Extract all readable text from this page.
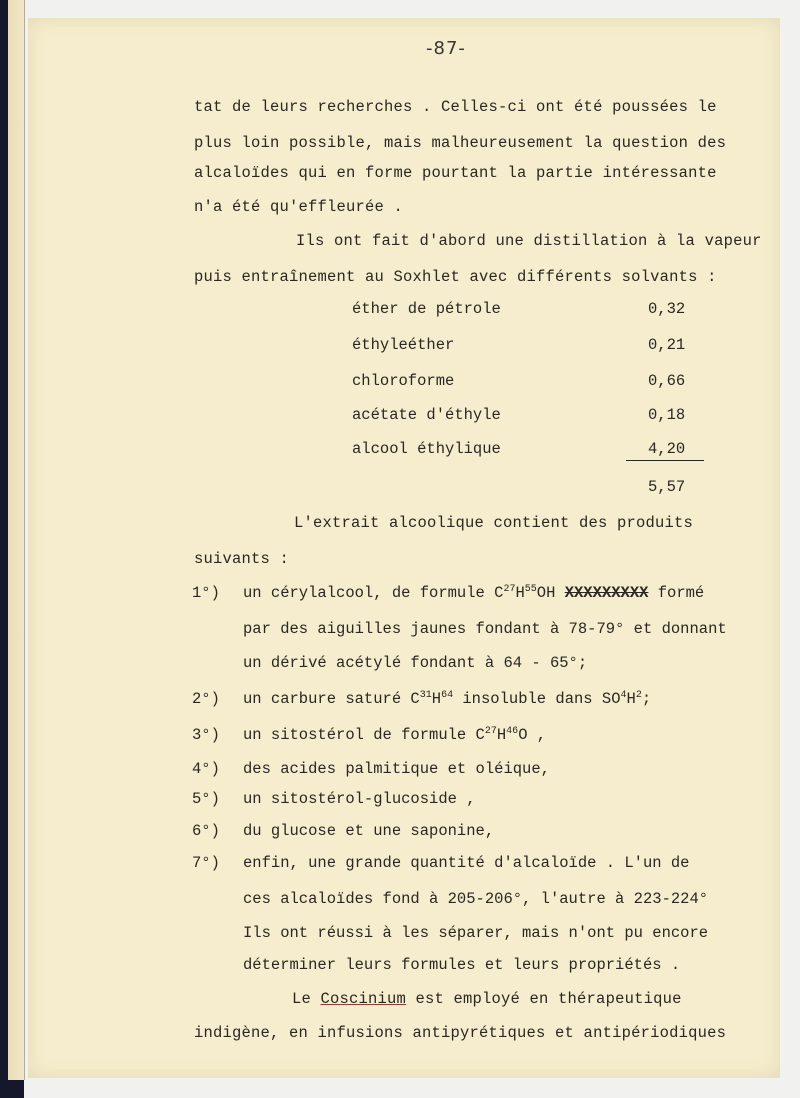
-87-
tat de leurs recherches . Celles-ci ont été poussées le
plus loin possible, mais malheureusement la question des
alcaloïdes qui en forme pourtant la partie intéressante
n'a été qu'effleurée .
Ils ont fait d'abord une distillation à la vapeur
puis entraînement au Soxhlet avec différents solvants :
éther de pétrole	0,32
éthyleéther	0,21
chloroforme	0,66
acétate d'éthyle	0,18
alcool éthylique	4,20
5,57
L'extrait alcoolique contient des produits
suivants :
1°) un cérylalcool, de formule $C^{27}H^{55}OH$ XXXXXXXXX formé
par des aiguilles jaunes fondant à 78-79° et donnant
un dérivé acétylé fondant à 64 - 65°;
2°) un carbure saturé $C^{31}H^{64}$ insoluble dans $SO^4H^2$;
3°) un sitostérol de formule $C^{27}H^{46}O$ ,
4°) des acides palmitique et oléique,
5°) un sitostérol-glucoside ,
6°) du glucose et une saponine,
7°) enfin, une grande quantité d'alcaloïde . L'un de
ces alcaloïdes fond à 205-206°, l'autre à 223-224°
Ils ont réussi à les séparer, mais n'ont pu encore
déterminer leurs formules et leurs propriétés .
Le Coscinium est employé en thérapeutique
indigène, en infusions antipyrétiques et antipériodiques
